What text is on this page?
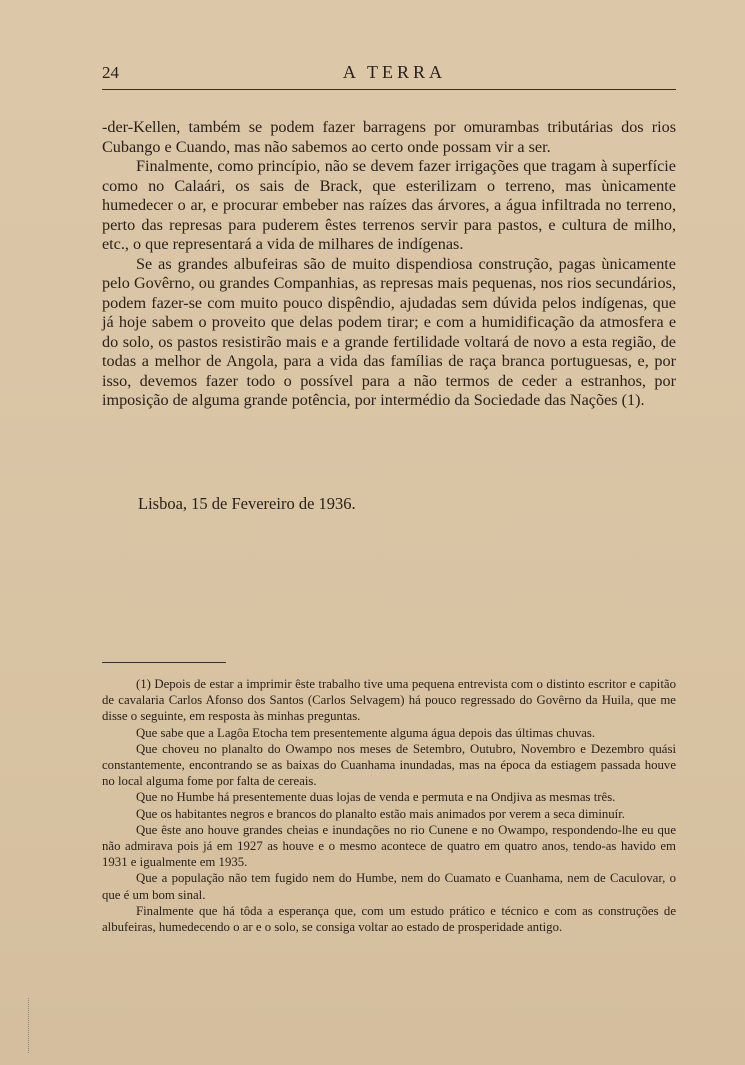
24	A TERRA

-der-Kellen, também se podem fazer barragens por omurambas tributárias dos rios Cubango e Cuando, mas não sabemos ao certo onde possam vir a ser.

Finalmente, como princípio, não se devem fazer irrigações que tragam à superfície como no Calaári, os sais de Brack, que esterilizam o terreno, mas ùnicamente humedecer o ar, e procurar embeber nas raízes das árvores, a água infiltrada no terreno, perto das represas para puderem êstes terrenos servir para pastos, e cultura de milho, etc., o que representará a vida de milhares de indígenas.

Se as grandes albufeiras são de muito dispendiosa construção, pagas ùnicamente pelo Govêrno, ou grandes Companhias, as represas mais pequenas, nos rios secundários, podem fazer-se com muito pouco dispêndio, ajudadas sem dúvida pelos indígenas, que já hoje sabem o proveito que delas podem tirar; e com a humidificação da atmosfera e do solo, os pastos resistirão mais e a grande fertilidade voltará de novo a esta região, de todas a melhor de Angola, para a vida das famílias de raça branca portuguesas, e, por isso, devemos fazer todo o possível para a não termos de ceder a estranhos, por imposição de alguma grande potência, por intermédio da Sociedade das Nações (1).

Lisboa, 15 de Fevereiro de 1936.

(1) Depois de estar a imprimir êste trabalho tive uma pequena entrevista com o distinto escritor e capitão de cavalaria Carlos Afonso dos Santos (Carlos Selvagem) há pouco regressado do Govêrno da Huila, que me disse o seguinte, em resposta às minhas preguntas.

Que sabe que a Lagôa Etocha tem presentemente alguma água depois das últimas chuvas.

Que choveu no planalto do Owampo nos meses de Setembro, Outubro, Novembro e Dezembro quási constantemente, encontrando se as baixas do Cuanhama inundadas, mas na época da estiagem passada houve no local alguma fome por falta de cereais.

Que no Humbe há presentemente duas lojas de venda e permuta e na Ondjiva as mesmas três.

Que os habitantes negros e brancos do planalto estão mais animados por verem a seca diminuír.

Que êste ano houve grandes cheias e inundações no rio Cunene e no Owampo, respondendo-lhe eu que não admirava pois já em 1927 as houve e o mesmo acontece de quatro em quatro anos, tendo-as havido em 1931 e igualmente em 1935.

Que a população não tem fugido nem do Humbe, nem do Cuamato e Cuanhama, nem de Caculovar, o que é um bom sinal.

Finalmente que há tôda a esperança que, com um estudo prático e técnico e com as construções de albufeiras, humedecendo o ar e o solo, se consiga voltar ao estado de prosperidade antigo.
